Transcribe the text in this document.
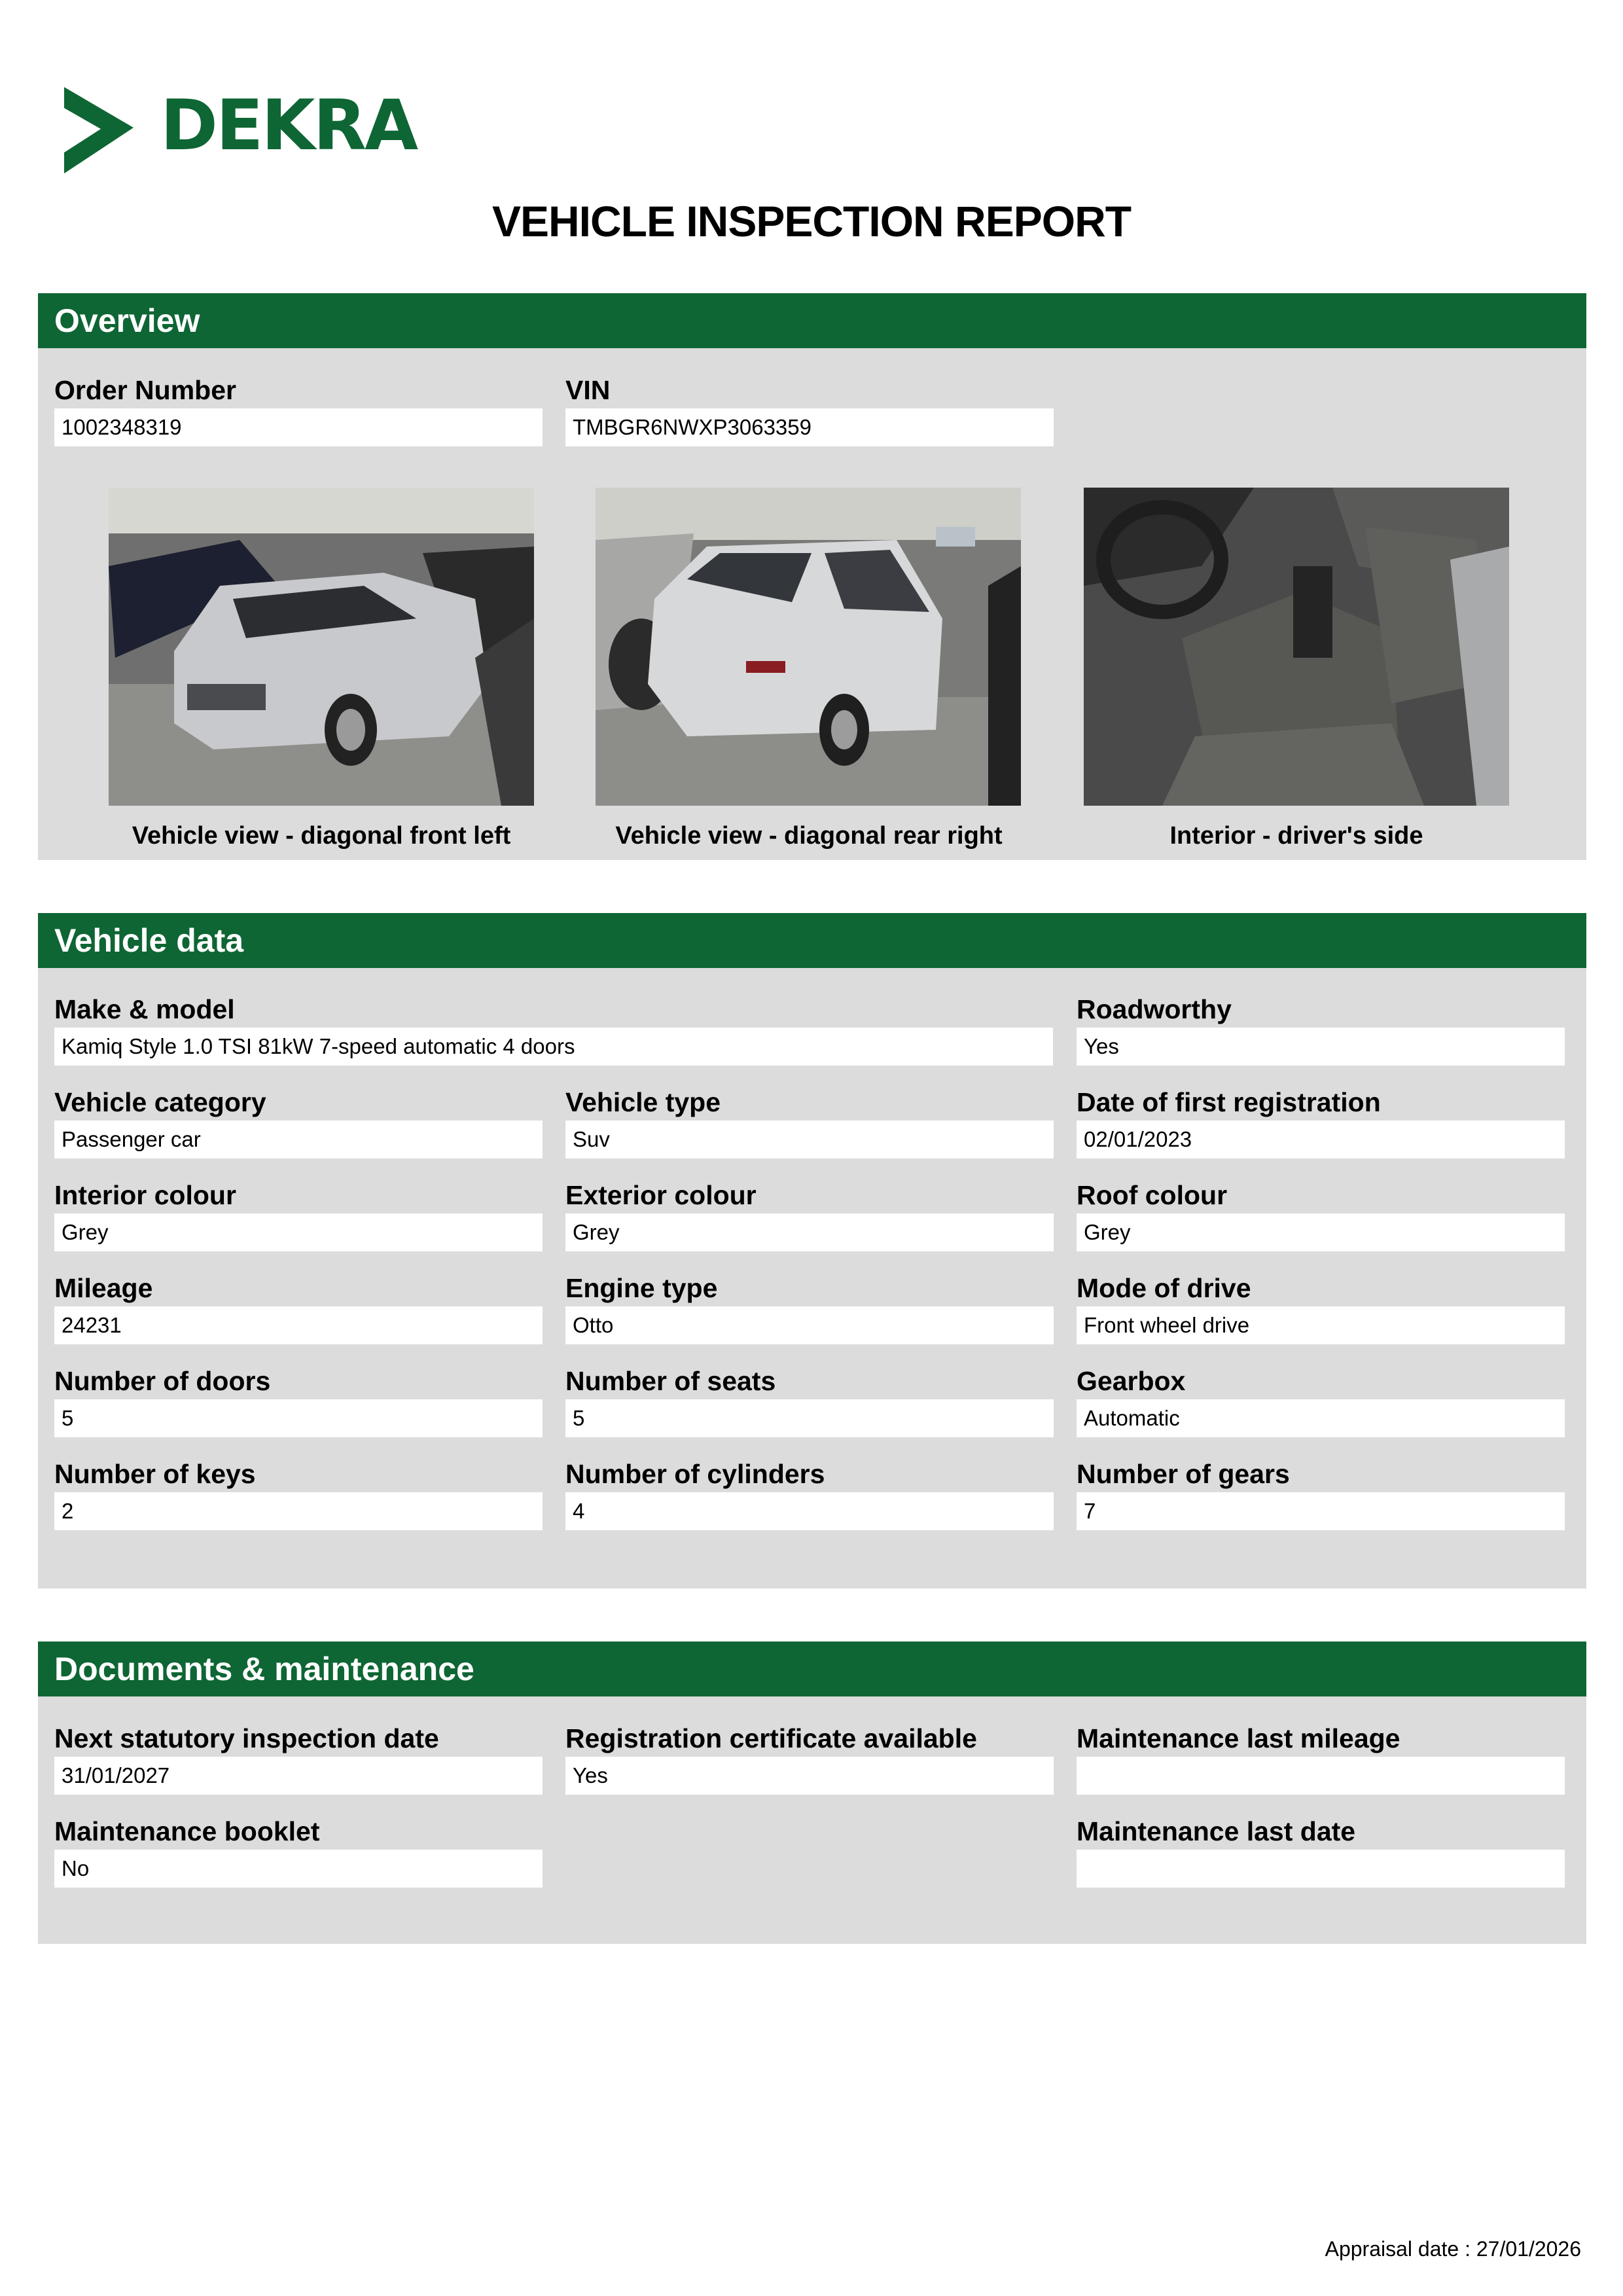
DEKRA
VEHICLE INSPECTION REPORT
Overview
Order Number
1002348319
VIN
TMBGR6NWXP3063359
Vehicle view - diagonal front left	Vehicle view - diagonal rear right	Interior - driver's side
Vehicle data
Make & model
Kamiq Style 1.0 TSI 81kW 7-speed automatic 4 doors
Roadworthy
Yes
Vehicle category
Passenger car
Vehicle type
Suv
Date of first registration
02/01/2023
Interior colour
Grey
Exterior colour
Grey
Roof colour
Grey
Mileage
24231
Engine type
Otto
Mode of drive
Front wheel drive
Number of doors
5
Number of seats
5
Gearbox
Automatic
Number of keys
2
Number of cylinders
4
Number of gears
7
Documents & maintenance
Next statutory inspection date
31/01/2027
Registration certificate available
Yes
Maintenance last mileage
Maintenance booklet
No
Maintenance last date
Appraisal date : 27/01/2026
